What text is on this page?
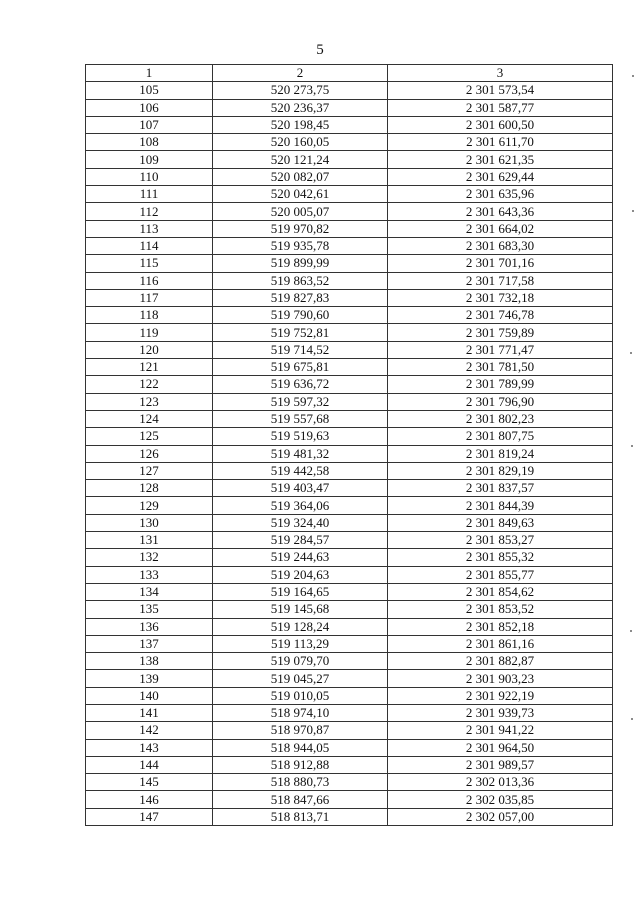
5
1	2	3
105	520 273,75	2 301 573,54
106	520 236,37	2 301 587,77
107	520 198,45	2 301 600,50
108	520 160,05	2 301 611,70
109	520 121,24	2 301 621,35
110	520 082,07	2 301 629,44
111	520 042,61	2 301 635,96
112	520 005,07	2 301 643,36
113	519 970,82	2 301 664,02
114	519 935,78	2 301 683,30
115	519 899,99	2 301 701,16
116	519 863,52	2 301 717,58
117	519 827,83	2 301 732,18
118	519 790,60	2 301 746,78
119	519 752,81	2 301 759,89
120	519 714,52	2 301 771,47
121	519 675,81	2 301 781,50
122	519 636,72	2 301 789,99
123	519 597,32	2 301 796,90
124	519 557,68	2 301 802,23
125	519 519,63	2 301 807,75
126	519 481,32	2 301 819,24
127	519 442,58	2 301 829,19
128	519 403,47	2 301 837,57
129	519 364,06	2 301 844,39
130	519 324,40	2 301 849,63
131	519 284,57	2 301 853,27
132	519 244,63	2 301 855,32
133	519 204,63	2 301 855,77
134	519 164,65	2 301 854,62
135	519 145,68	2 301 853,52
136	519 128,24	2 301 852,18
137	519 113,29	2 301 861,16
138	519 079,70	2 301 882,87
139	519 045,27	2 301 903,23
140	519 010,05	2 301 922,19
141	518 974,10	2 301 939,73
142	518 970,87	2 301 941,22
143	518 944,05	2 301 964,50
144	518 912,88	2 301 989,57
145	518 880,73	2 302 013,36
146	518 847,66	2 302 035,85
147	518 813,71	2 302 057,00
